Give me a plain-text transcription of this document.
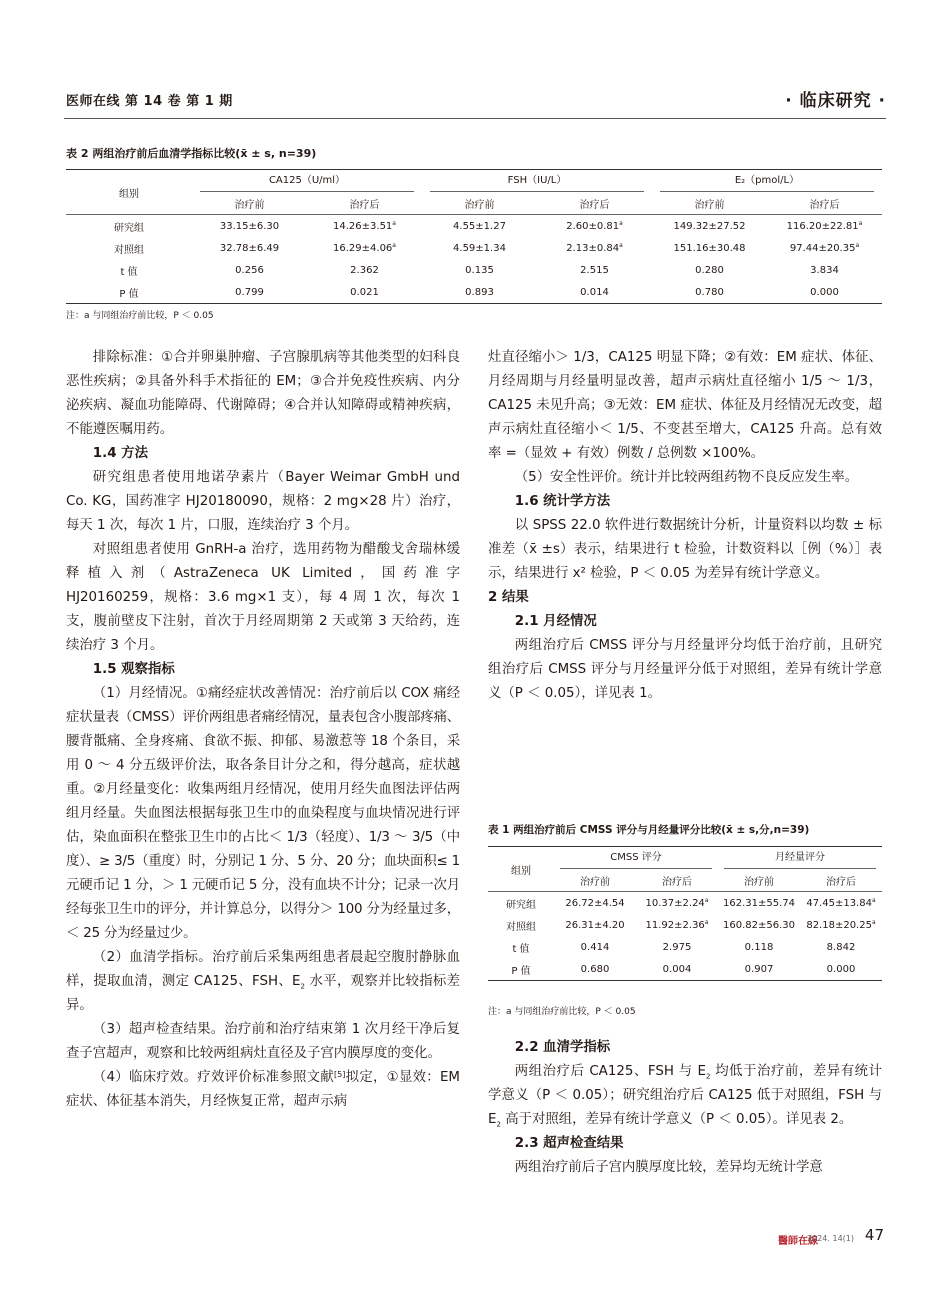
医师在线 第 14 卷 第 1 期	· 临床研究 ·
表 2 两组治疗前后血清学指标比较(x̄ ± s, n=39)
组别	CA125（U/ml）		FSH（IU/L）		E₂（pmol/L）	

	治疗前	治疗后	治疗前	治疗后	治疗前	治疗后
研究组	33.15±6.30	14.26±3.51$^a$	4.55±1.27	2.60±0.81$^a$	149.32±27.52	116.20±22.81$^a$
对照组	32.78±6.49	16.29±4.06$^a$	4.59±1.34	2.13±0.84$^a$	151.16±30.48	97.44±20.35$^a$
t 值	0.256	2.362	0.135	2.515	0.280	3.834
P 值	0.799	0.021	0.893	0.014	0.780	0.000
注：a 与同组治疗前比较，P ＜ 0.05

排除标准：①合并卵巢肿瘤、子宫腺肌病等其他类型的妇科良恶性疾病；②具备外科手术指征的 EM；③合并免疫性疾病、内分泌疾病、凝血功能障碍、代谢障碍；④合并认知障碍或精神疾病，不能遵医嘱用药。

1.4 方法

研究组患者使用地诺孕素片（Bayer Weimar GmbH und Co. KG，国药准字 HJ20180090，规格：2 mg×28 片）治疗，每天 1 次，每次 1 片，口服，连续治疗 3 个月。

对照组患者使用 GnRH-a 治疗，选用药物为醋酸戈舍瑞林缓释植入剂（AstraZeneca UK Limited，国药准字 HJ20160259，规格：3.6 mg×1 支），每 4 周 1 次，每次 1 支，腹前壁皮下注射，首次于月经周期第 2 天或第 3 天给药，连续治疗 3 个月。

1.5 观察指标

（1）月经情况。①痛经症状改善情况：治疗前后以 COX 痛经症状量表（CMSS）评价两组患者痛经情况，量表包含小腹部疼痛、腰背骶痛、全身疼痛、食欲不振、抑郁、易激惹等 18 个条目，采用 0 ～ 4 分五级评价法，取各条目计分之和，得分越高，症状越重。②月经量变化：收集两组月经情况，使用月经失血图法评估两组月经量。失血图法根据每张卫生巾的血染程度与血块情况进行评估，染血面积在整张卫生巾的占比＜ 1/3（轻度）、1/3 ～ 3/5（中度）、≥ 3/5（重度）时，分别记 1 分、5 分、20 分；血块面积≤ 1 元硬币记 1 分，＞ 1 元硬币记 5 分，没有血块不计分；记录一次月经每张卫生巾的评分，并计算总分，以得分＞ 100 分为经量过多，＜ 25 分为经量过少。

（2）血清学指标。治疗前后采集两组患者晨起空腹肘静脉血样，提取血清，测定 CA125、FSH、$E_2$ 水平，观察并比较指标差异。

（3）超声检查结果。治疗前和治疗结束第 1 次月经干净后复查子宫超声，观察和比较两组病灶直径及子宫内膜厚度的变化。

（4）临床疗效。疗效评价标准参照文献[5]拟定，①显效：EM 症状、体征基本消失，月经恢复正常，超声示病

灶直径缩小＞ 1/3，CA125 明显下降；②有效：EM 症状、体征、月经周期与月经量明显改善，超声示病灶直径缩小 1/5 ～ 1/3，CA125 未见升高；③无效：EM 症状、体征及月经情况无改变，超声示病灶直径缩小＜ 1/5、不变甚至增大，CA125 升高。总有效率 =（显效 + 有效）例数 / 总例数 ×100%。

（5）安全性评价。统计并比较两组药物不良反应发生率。

1.6 统计学方法

以 SPSS 22.0 软件进行数据统计分析，计量资料以均数 ± 标准差（x̄ ±s）表示，结果进行 t 检验，计数资料以［例（%）］表示，结果进行 x² 检验，P ＜ 0.05 为差异有统计学意义。

2 结果

2.1 月经情况

两组治疗后 CMSS 评分与月经量评分均低于治疗前，且研究组治疗后 CMSS 评分与月经量评分低于对照组，差异有统计学意义（P ＜ 0.05），详见表 1。

表 1 两组治疗前后 CMSS 评分与月经量评分比较(x̄ ± s,分,n=39)
组别	CMSS 评分		月经量评分	

	治疗前	治疗后	治疗前	治疗后
研究组	26.72±4.54	10.37±2.24$^a$	162.31±55.74	47.45±13.84$^a$
对照组	26.31±4.20	11.92±2.36$^a$	160.82±56.30	82.18±20.25$^a$
t 值	0.414	2.975	0.118	8.842
P 值	0.680	0.004	0.907	0.000
注：a 与同组治疗前比较，P ＜ 0.05

2.2 血清学指标

两组治疗后 CA125、FSH 与 $E_2$ 均低于治疗前，差异有统计学意义（P ＜ 0.05）；研究组治疗后 CA125 低于对照组，FSH 与 $E_2$ 高于对照组，差异有统计学意义（P ＜ 0.05）。详见表 2。

2.3 超声检查结果

两组治疗前后子宫内膜厚度比较，差异均无统计学意

醫師在線
2024. 14(1) 47
